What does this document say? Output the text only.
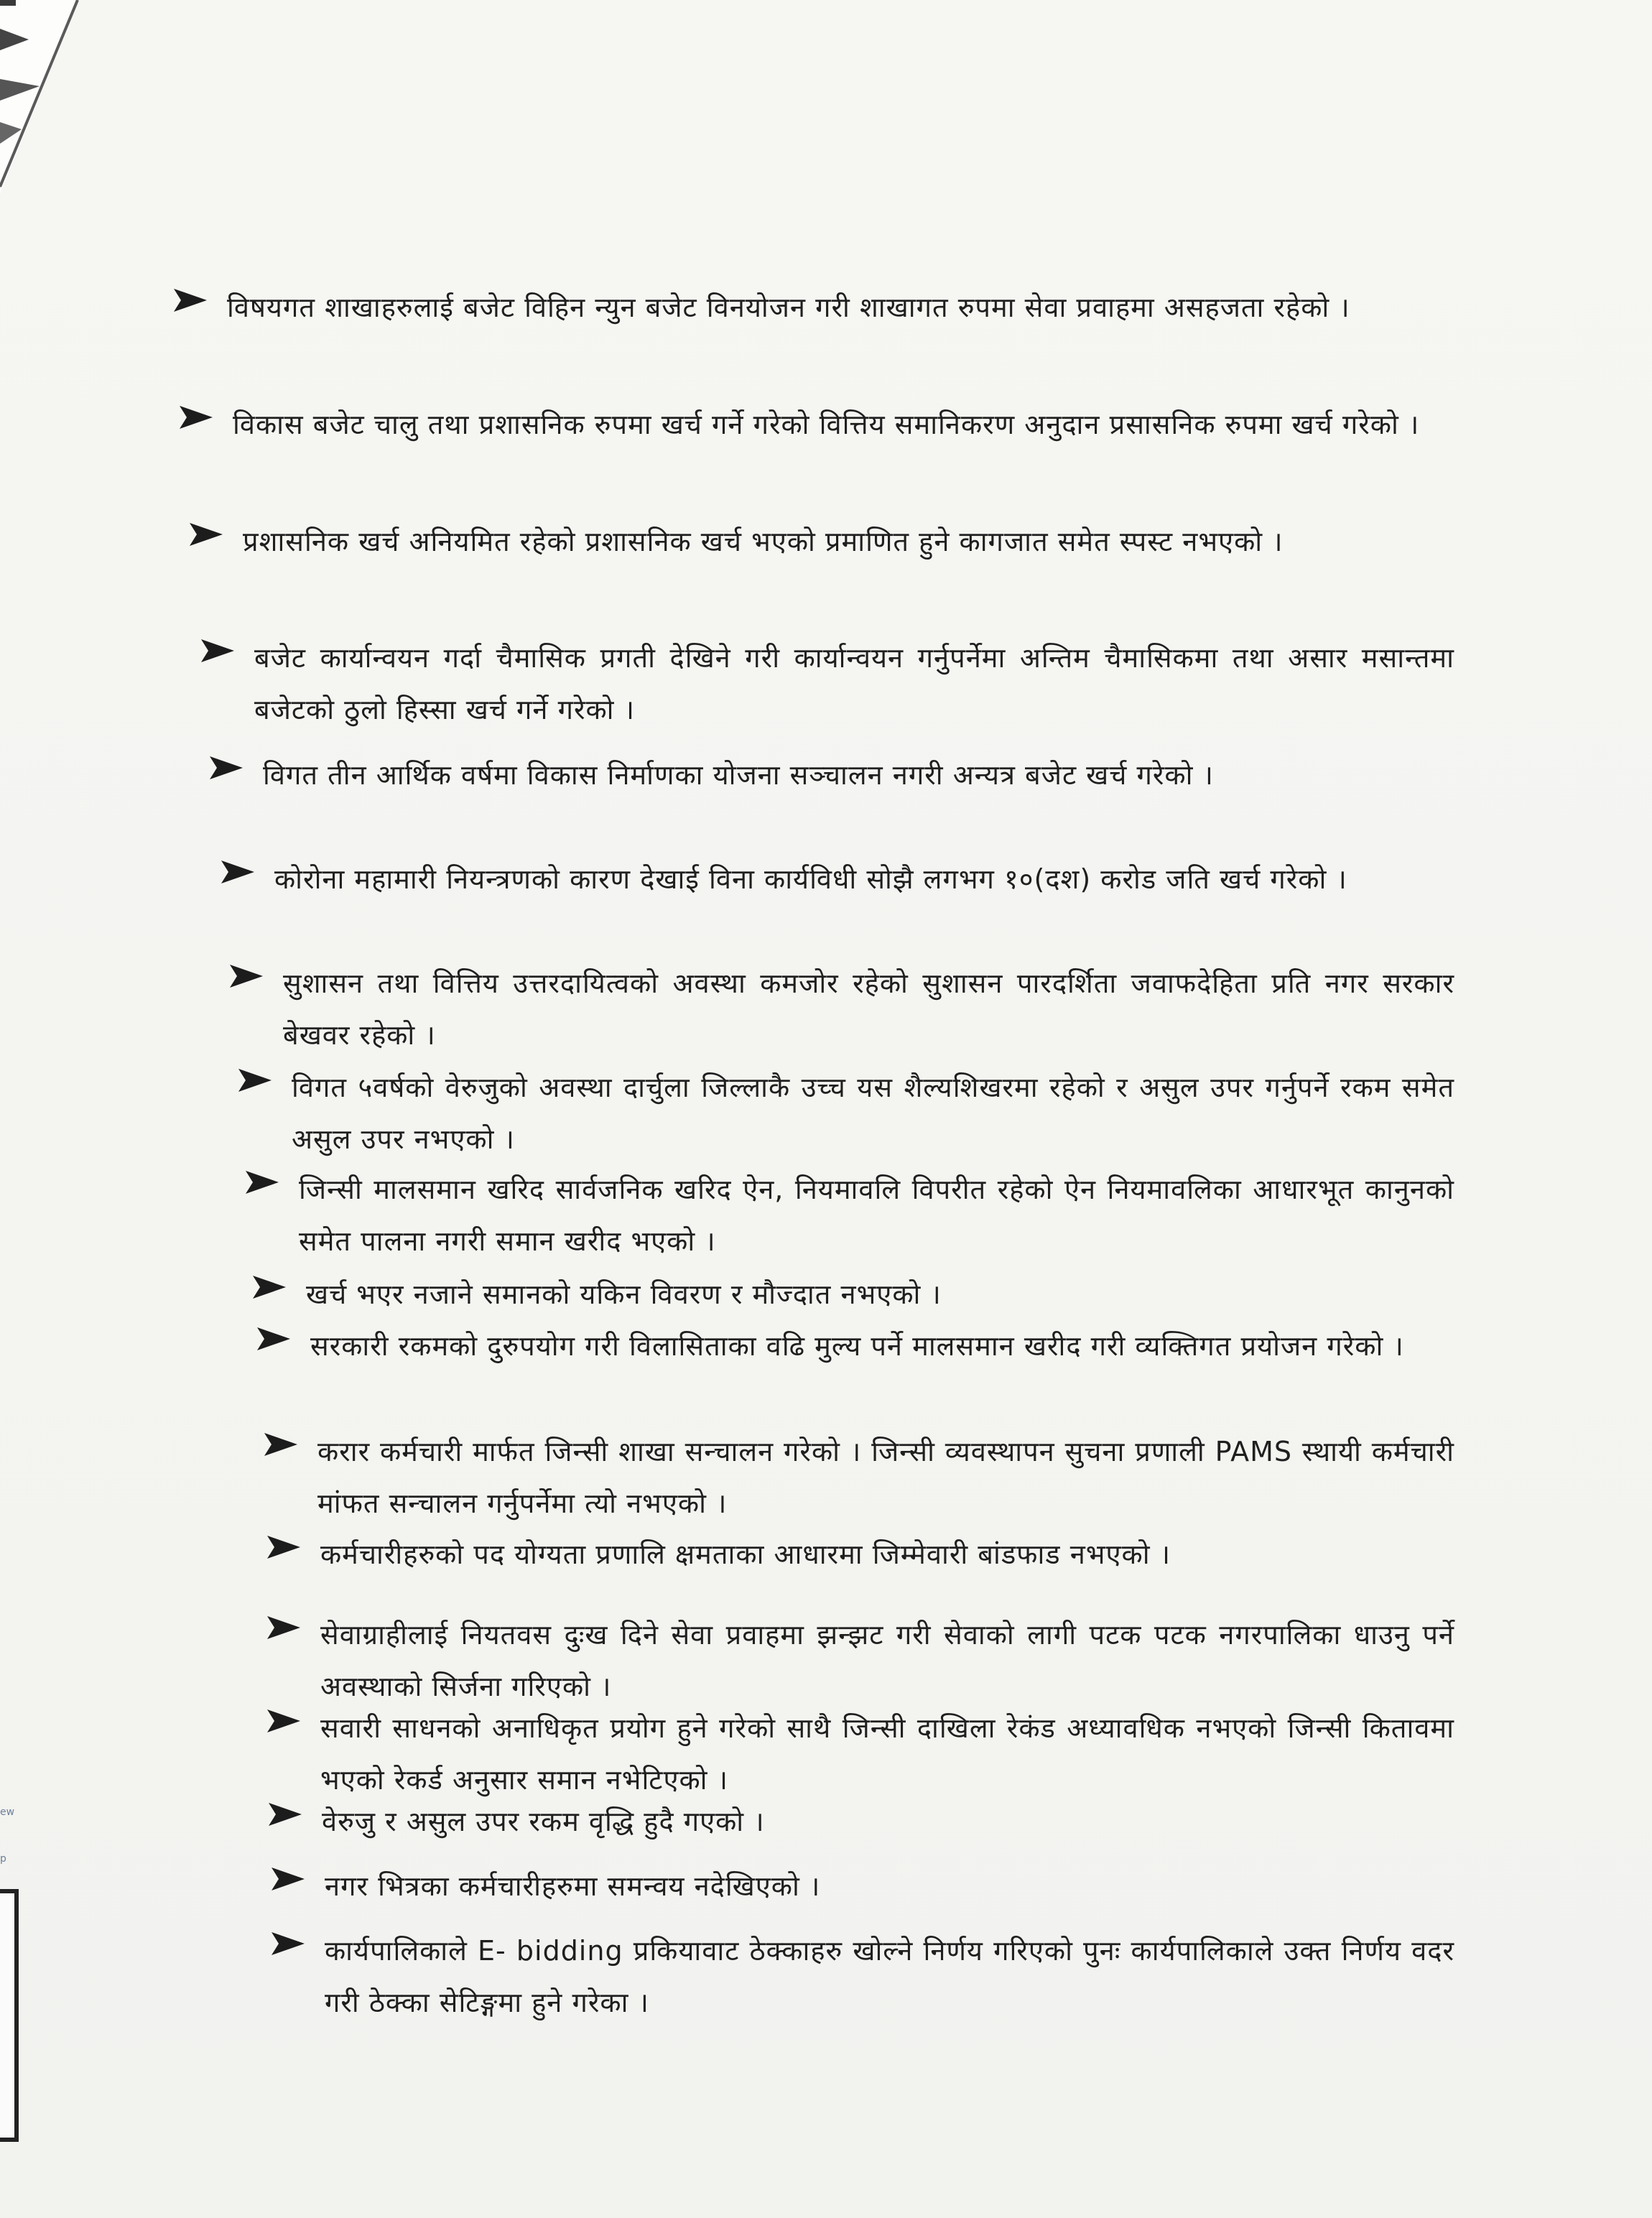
ew
p
विषयगत शाखाहरुलाई बजेट विहिन न्युन बजेट विनयोजन गरी शाखागत रुपमा सेवा प्रवाहमा असहजता रहेको ।
विकास बजेट चालु तथा प्रशासनिक रुपमा खर्च गर्ने गरेको वित्तिय समानिकरण अनुदान प्रसासनिक रुपमा खर्च गरेको ।
प्रशासनिक खर्च अनियमित रहेको प्रशासनिक खर्च भएको प्रमाणित हुने कागजात समेत स्पस्ट नभएको ।
बजेट कार्यान्वयन गर्दा चैमासिक प्रगती देखिने गरी कार्यान्वयन गर्नुपर्नेमा अन्तिम चैमासिकमा तथा असार मसान्तमा बजेटको ठुलो हिस्सा खर्च गर्ने गरेको ।
विगत तीन आर्थिक वर्षमा विकास निर्माणका योजना सञ्चालन नगरी अन्यत्र बजेट खर्च गरेको ।
कोरोना महामारी नियन्त्रणको कारण देखाई विना कार्यविधी सोझै लगभग १०(दश) करोड जति खर्च गरेको ।
सुशासन तथा वित्तिय उत्तरदायित्वको अवस्था कमजोर रहेको सुशासन पारदर्शिता जवाफदेहिता प्रति नगर सरकार बेखवर रहेको ।
विगत ५वर्षको वेरुजुको अवस्था दार्चुला जिल्लाकै उच्च यस शैल्यशिखरमा रहेको र असुल उपर गर्नुपर्ने रकम समेत असुल उपर नभएको ।
जिन्सी मालसमान खरिद सार्वजनिक खरिद ऐन, नियमावलि विपरीत रहेको ऐन नियमावलिका आधारभूत कानुनको समेत पालना नगरी समान खरीद भएको ।
खर्च भएर नजाने समानको यकिन विवरण र मौज्दात नभएको ।
सरकारी रकमको दुरुपयोग गरी विलासिताका वढि मुल्य पर्ने मालसमान खरीद गरी व्यक्तिगत प्रयोजन गरेको ।
करार कर्मचारी मार्फत जिन्सी शाखा सन्चालन गरेको । जिन्सी व्यवस्थापन सुचना प्रणाली PAMS स्थायी कर्मचारी मांफत सन्चालन गर्नुपर्नेमा त्यो नभएको ।
कर्मचारीहरुको पद योग्यता प्रणालि क्षमताका आधारमा जिम्मेवारी बांडफाड नभएको ।
सेवाग्राहीलाई नियतवस दुःख दिने सेवा प्रवाहमा झन्झट गरी सेवाको लागी पटक पटक नगरपालिका धाउनु पर्ने अवस्थाको सिर्जना गरिएको ।
सवारी साधनको अनाधिकृत प्रयोग हुने गरेको साथै जिन्सी दाखिला रेकंड अध्यावधिक नभएको जिन्सी कितावमा भएको रेकर्ड अनुसार समान नभेटिएको ।
वेरुजु र असुल उपर रकम वृद्धि हुदै गएको ।
नगर भित्रका कर्मचारीहरुमा समन्वय नदेखिएको ।
कार्यपालिकाले E- bidding प्रकियावाट ठेक्काहरु खोल्ने निर्णय गरिएको पुनः कार्यपालिकाले उक्त निर्णय वदर गरी ठेक्का सेटिङ्गमा हुने गरेका ।
